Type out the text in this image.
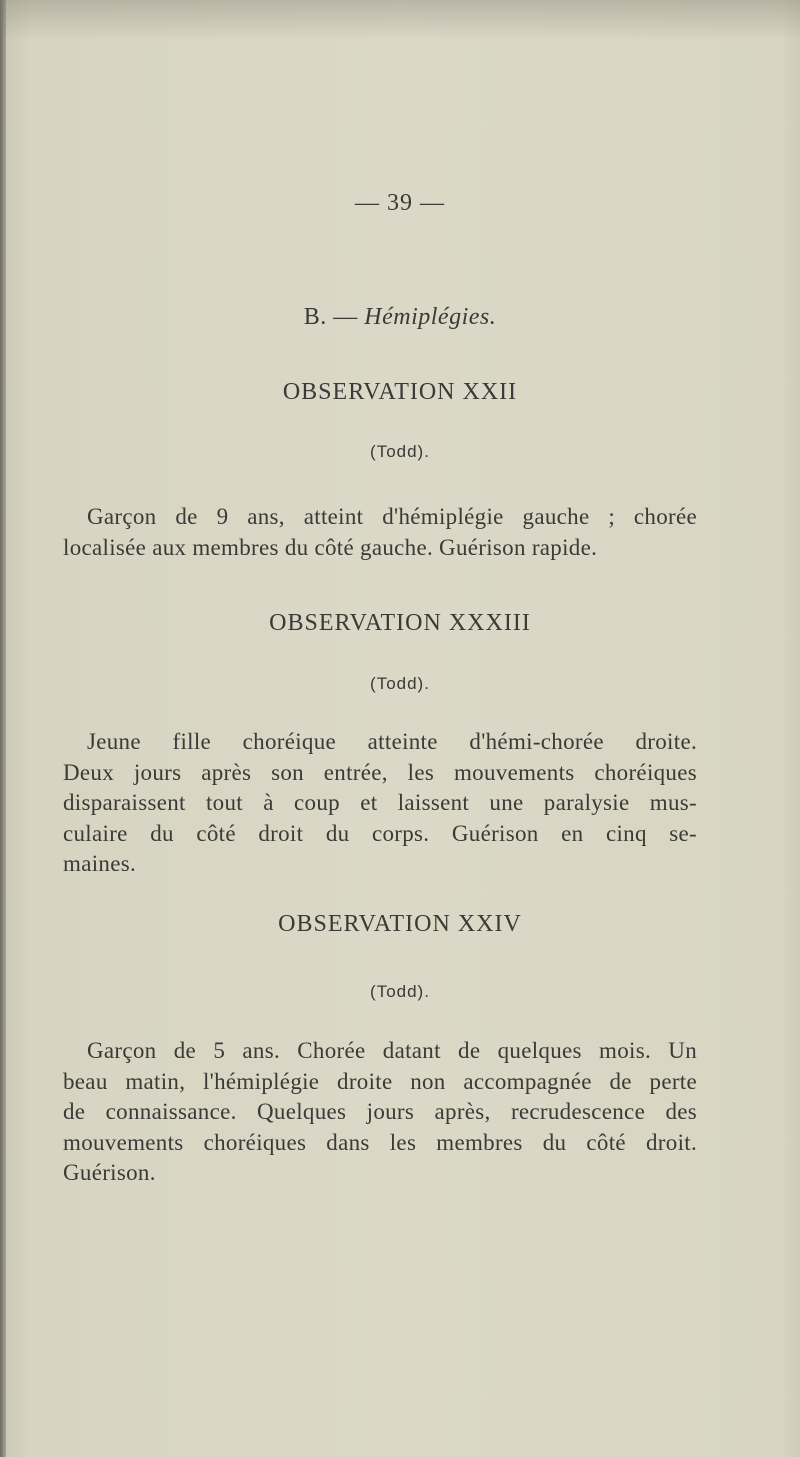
— 39 —
B. — Hémiplégies.
OBSERVATION XXII
(Todd).
Garçon de 9 ans, atteint d'hémiplégie gauche ; chorée
localisée aux membres du côté gauche. Guérison rapide.
OBSERVATION XXXIII
(Todd).
Jeune fille choréique atteinte d'hémi-chorée droite.
Deux jours après son entrée, les mouvements choréiques
disparaissent tout à coup et laissent une paralysie mus-
culaire du côté droit du corps. Guérison en cinq se-
maines.
OBSERVATION XXIV
(Todd).
Garçon de 5 ans. Chorée datant de quelques mois. Un
beau matin, l'hémiplégie droite non accompagnée de perte
de connaissance. Quelques jours après, recrudescence des
mouvements choréiques dans les membres du côté droit.
Guérison.
